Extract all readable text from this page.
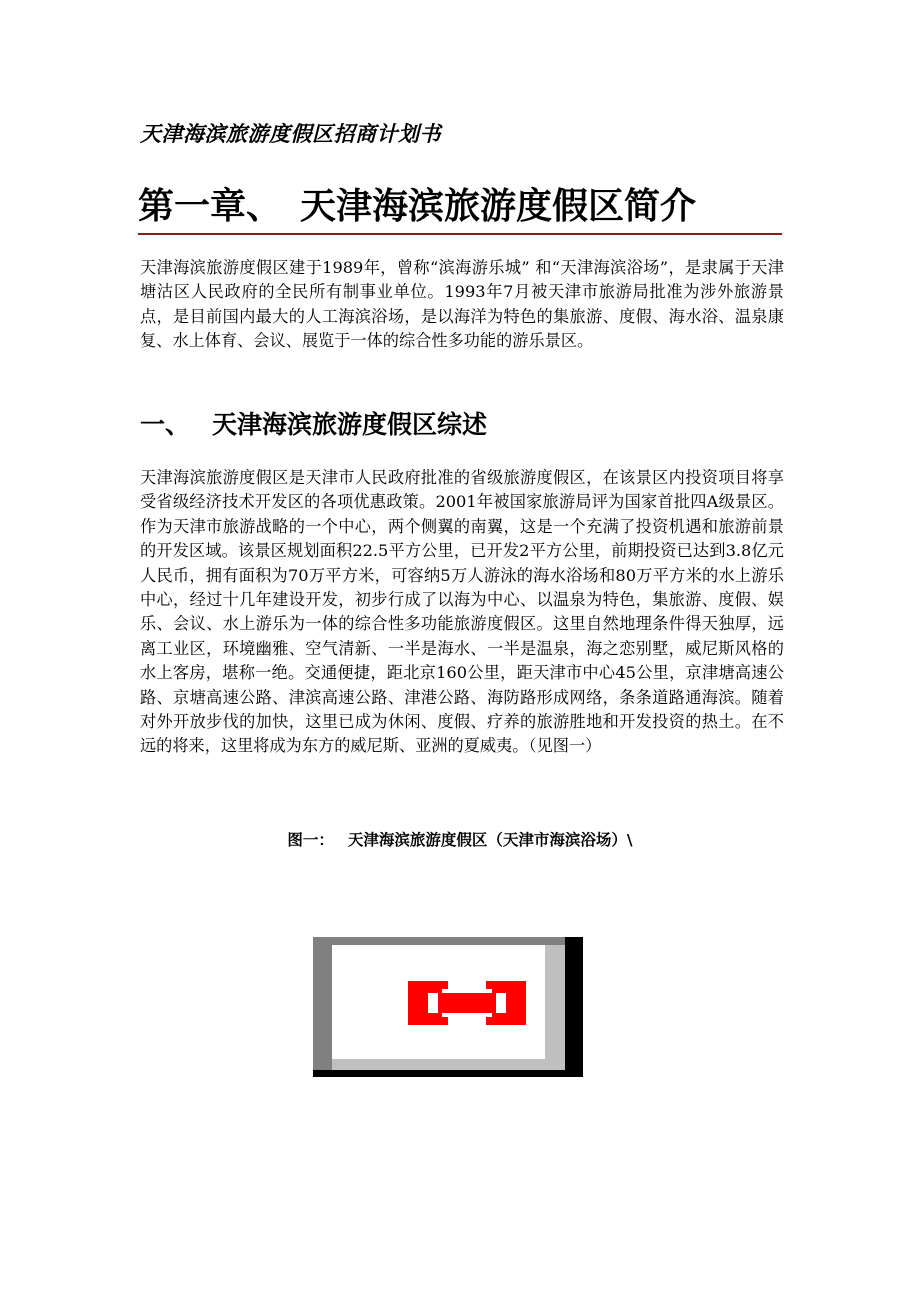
天津海滨旅游度假区招商计划书
第一章、 天津海滨旅游度假区简介

天津海滨旅游度假区建于1989年，曾称“滨海游乐城” 和“天津海滨浴场”，是隶属于天津塘沽区人民政府的全民所有制事业单位。1993年7月被天津市旅游局批准为涉外旅游景点，是目前国内最大的人工海滨浴场，是以海洋为特色的集旅游、度假、海水浴、温泉康复、水上体育、会议、展览于一体的综合性多功能的游乐景区。

一、 天津海滨旅游度假区综述

天津海滨旅游度假区是天津市人民政府批准的省级旅游度假区，在该景区内投资项目将享受省级经济技术开发区的各项优惠政策。2001年被国家旅游局评为国家首批四A级景区。作为天津市旅游战略的一个中心，两个侧翼的南翼，这是一个充满了投资机遇和旅游前景的开发区域。该景区规划面积22.5平方公里，已开发2平方公里，前期投资已达到3.8亿元人民币，拥有面积为70万平方米，可容纳5万人游泳的海水浴场和80万平方米的水上游乐中心，经过十几年建设开发，初步行成了以海为中心、以温泉为特色，集旅游、度假、娱乐、会议、水上游乐为一体的综合性多功能旅游度假区。这里自然地理条件得天独厚，远离工业区，环境幽雅、空气清新、一半是海水、一半是温泉，海之恋别墅，威尼斯风格的水上客房，堪称一绝。交通便捷，距北京160公里，距天津市中心45公里，京津塘高速公路、京塘高速公路、津滨高速公路、津港公路、海防路形成网络，条条道路通海滨。随着对外开放步伐的加快，这里已成为休闲、度假、疗养的旅游胜地和开发投资的热土。在不远的将来，这里将成为东方的威尼斯、亚洲的夏威夷。（见图一）

图一： 天津海滨旅游度假区（天津市海滨浴场）\
